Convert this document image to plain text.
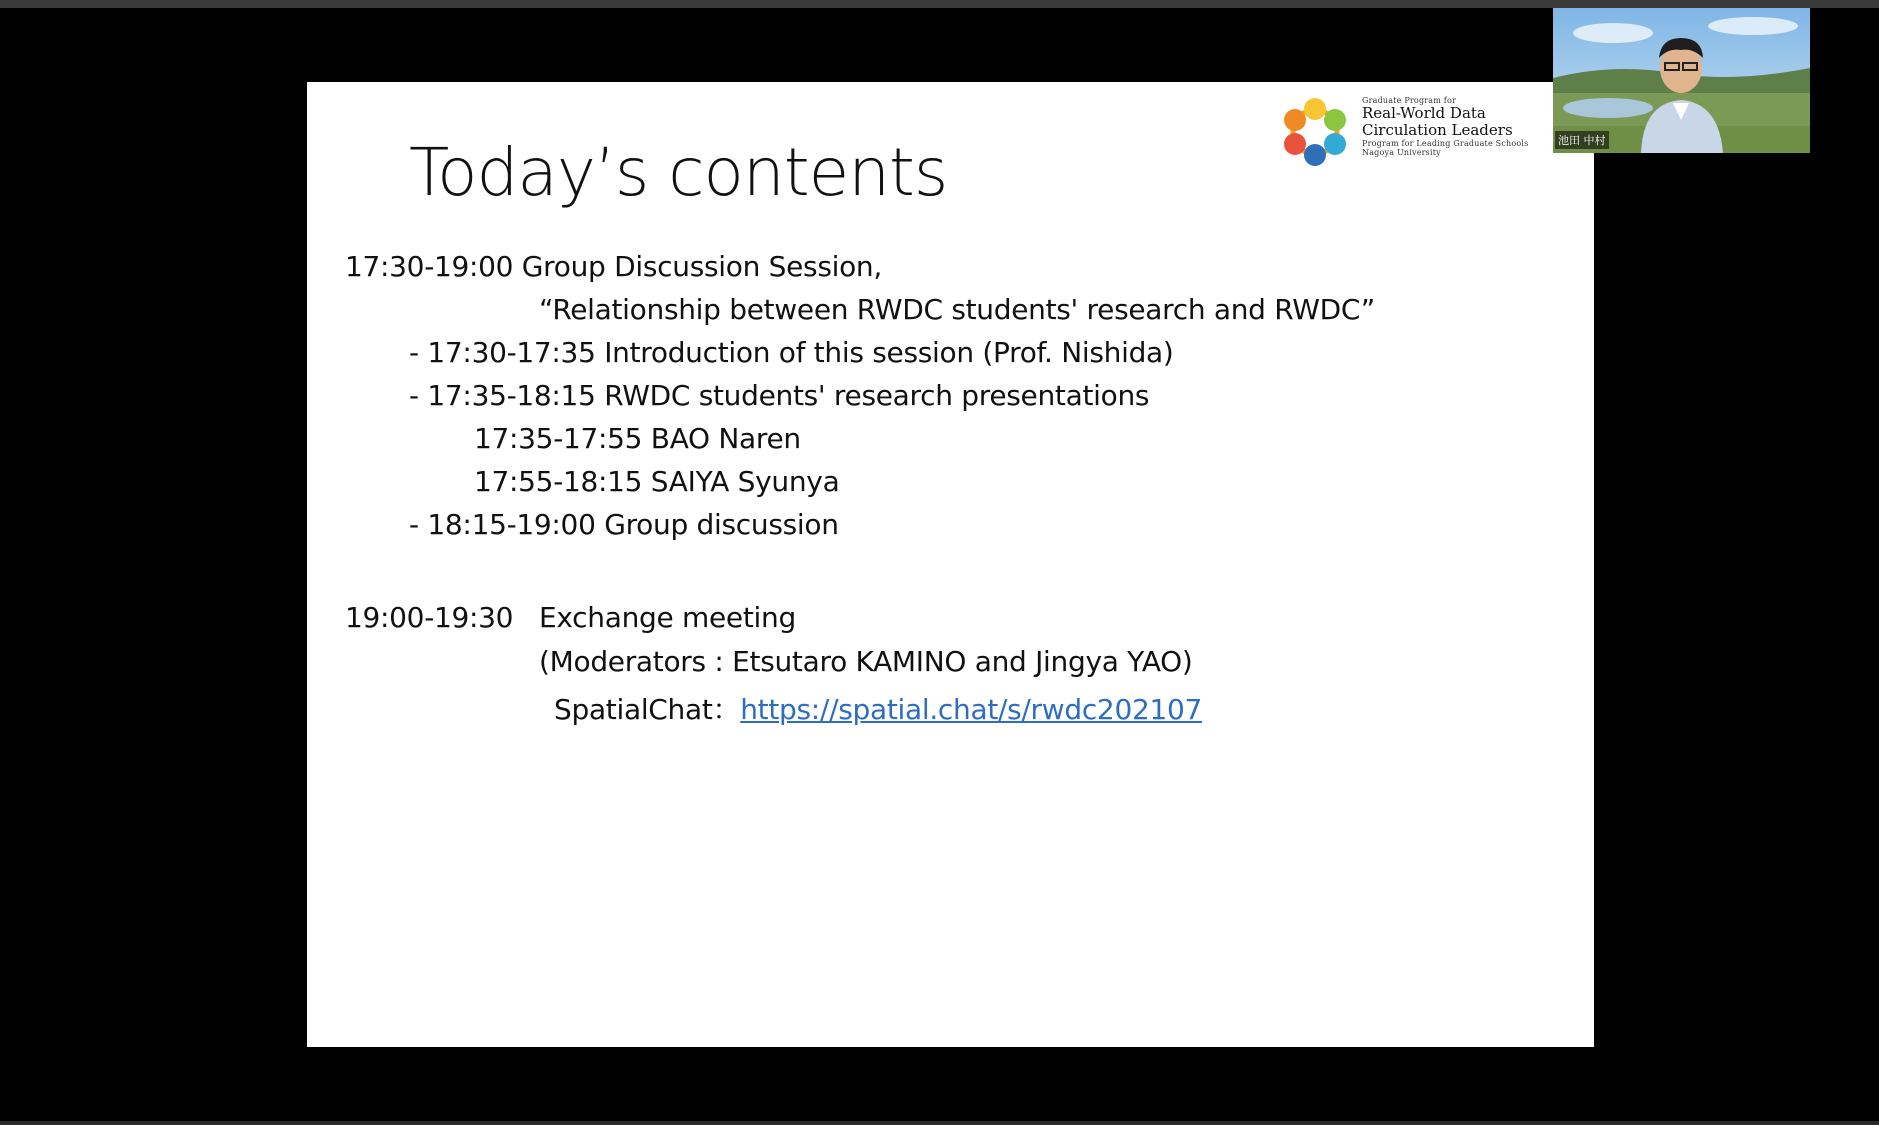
Today’s contents
Graduate Program for
Real-World Data
Circulation Leaders
Program for Leading Graduate Schools
Nagoya University
17:30-19:00 Group Discussion Session,
“Relationship between RWDC students' research and RWDC”
- 17:30-17:35 Introduction of this session (Prof. Nishida)
- 17:35-18:15 RWDC students' research presentations
17:35-17:55 BAO Naren
17:55-18:15 SAIYA Syunya
- 18:15-19:00 Group discussion
19:00-19:30 Exchange meeting
(Moderators : Etsutaro KAMINO and Jingya YAO)
SpatialChat：https://spatial.chat/s/rwdc202107
池田 中村
